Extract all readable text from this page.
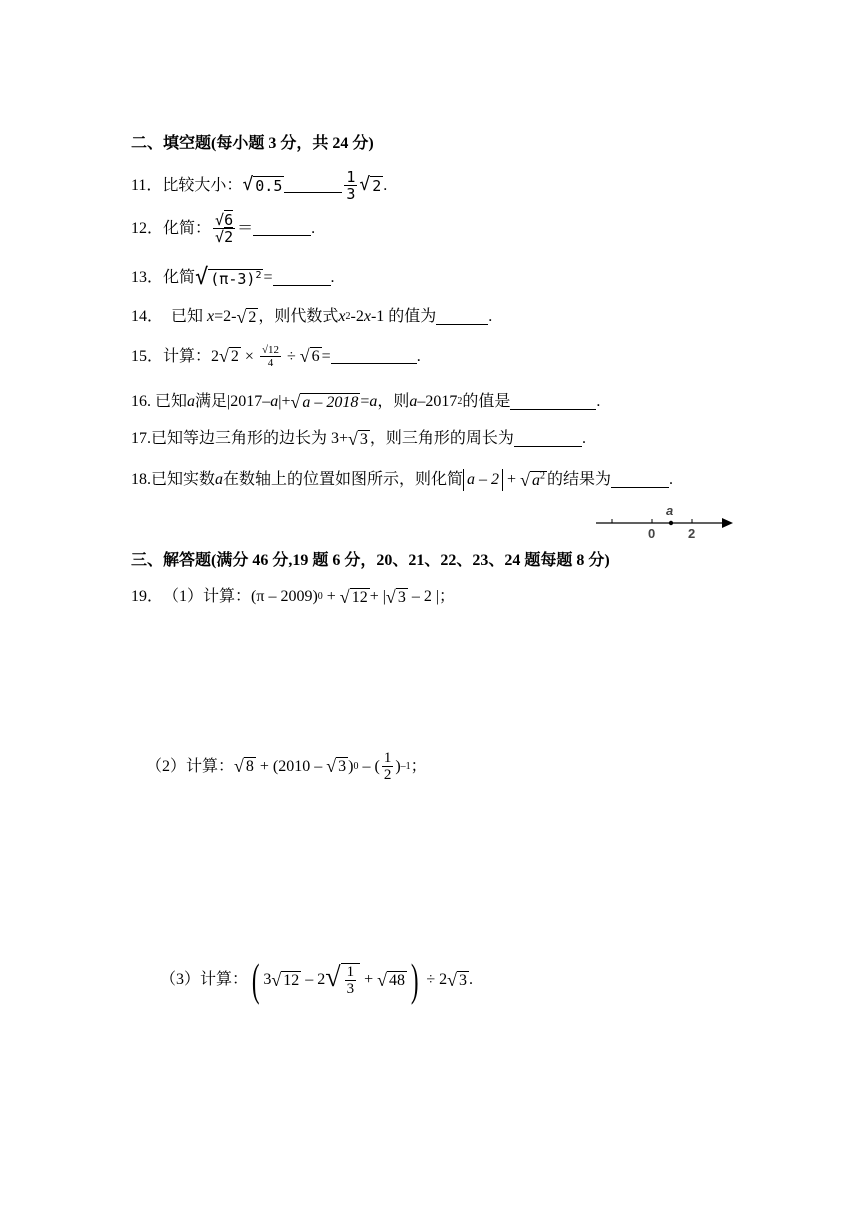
二、填空题(每小题 3 分，共 24 分)
11． 比较大小： √ 0.5	$\frac{1}{3}$ √ 2 .
12． 化简： $\frac{√6}{√2}$ ＝	.
13． 化简 √ $(\pi-3)^2$ =	.
14． 已知 x =2- √ 2 ，则代数式 x 2 -2 x -1 的值为	.
15． 计算：2 √ $2 \times \frac{√12}{4}$ ÷ √ 6 =	.
16. 已知 a 满足|2017– a |+ √ a – 2018 = a ，则 a –2017 2 的值是	.
17. 已知等边三角形的边长为 3+ √ 3 ，则三角形的周长为	.
18. 已知实数 a 在数轴上的位置如图所示，则化简 a – 2 + √ $a^2$ 的结果为	.
a
0	2
三、解答题(满分 46 分,19 题 6 分，20、21、22、23、24 题每题 8 分)
19． （1）计算： (π – 2009) 0 + √ 12 + | √ 3 – 2 |；
（2）计算： √ 8 + (2010 – √ 3 ) 0 – ( $\frac{1}{2}$ ) –1 ；
（3）计算： ( 3 √ 12 – 2 √ $\frac{1}{3}$ + √ 48 ) ÷ 2 √ 3 .
